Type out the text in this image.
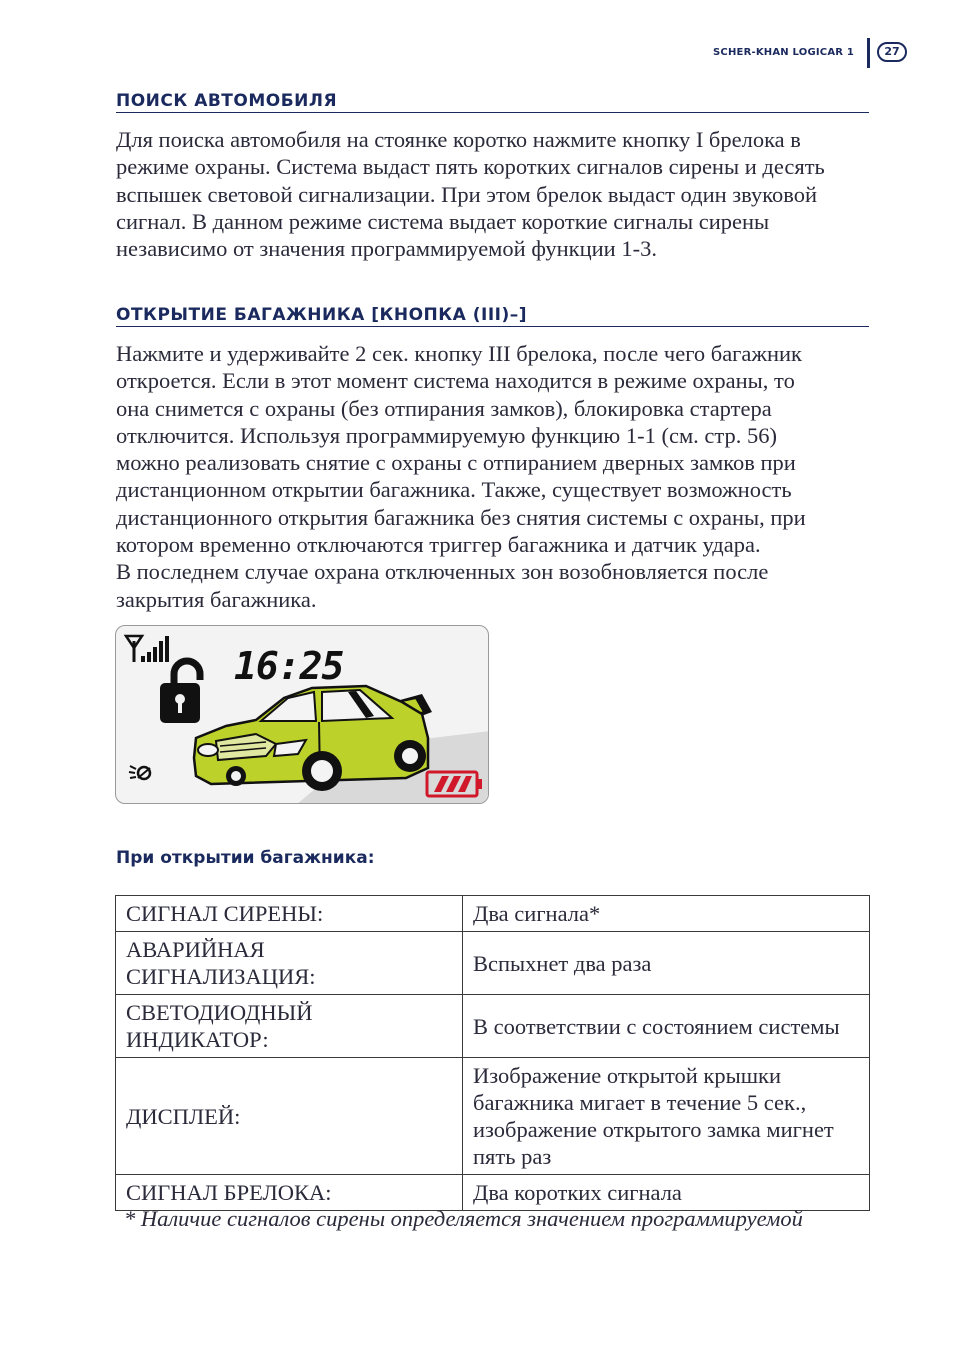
SCHER-KHAN LOGICAR 1	27
ПОИСК АВТОМОБИЛЯ
Для поиска автомобиля на стоянке коротко нажмите кнопку I брелока в
режиме охраны. Система выдаст пять коротких сигналов сирены и десять
вспышек световой сигнализации. При этом брелок выдаст один звуковой
сигнал. В данном режиме система выдает короткие сигналы сирены
независимо от значения программируемой функции 1-3.
ОТКРЫТИЕ БАГАЖНИКА [КНОПКА (III)–]
Нажмите и удерживайте 2 сек. кнопку III брелока, после чего багажник
откроется. Если в этот момент система находится в режиме охраны, то
она снимется с охраны (без отпирания замков), блокировка стартера
отключится. Используя программируемую функцию 1-1 (см. стр. 56)
можно реализовать снятие с охраны с отпиранием дверных замков при
дистанционном открытии багажника. Также, существует возможность
дистанционного открытия багажника без снятия системы с охраны, при
котором временно отключаются триггер багажника и датчик удара.
В последнем случае охрана отключенных зон возобновляется после
закрытия багажника.
16:25
При открытии багажника:
СИГНАЛ СИРЕНЫ:	Два сигнала*
АВАРИЙНАЯ СИГНАЛИЗАЦИЯ:	Вспыхнет два раза
СВЕТОДИОДНЫЙ ИНДИКАТОР:	В соответствии с состоянием системы
ДИСПЛЕЙ:	Изображение открытой крышки багажника мигает в течение 5 сек., изображение открытого замка мигнет пять раз
СИГНАЛ БРЕЛОКА:	Два коротких сигнала
* Наличие сигналов сирены определяется значением программируемой
